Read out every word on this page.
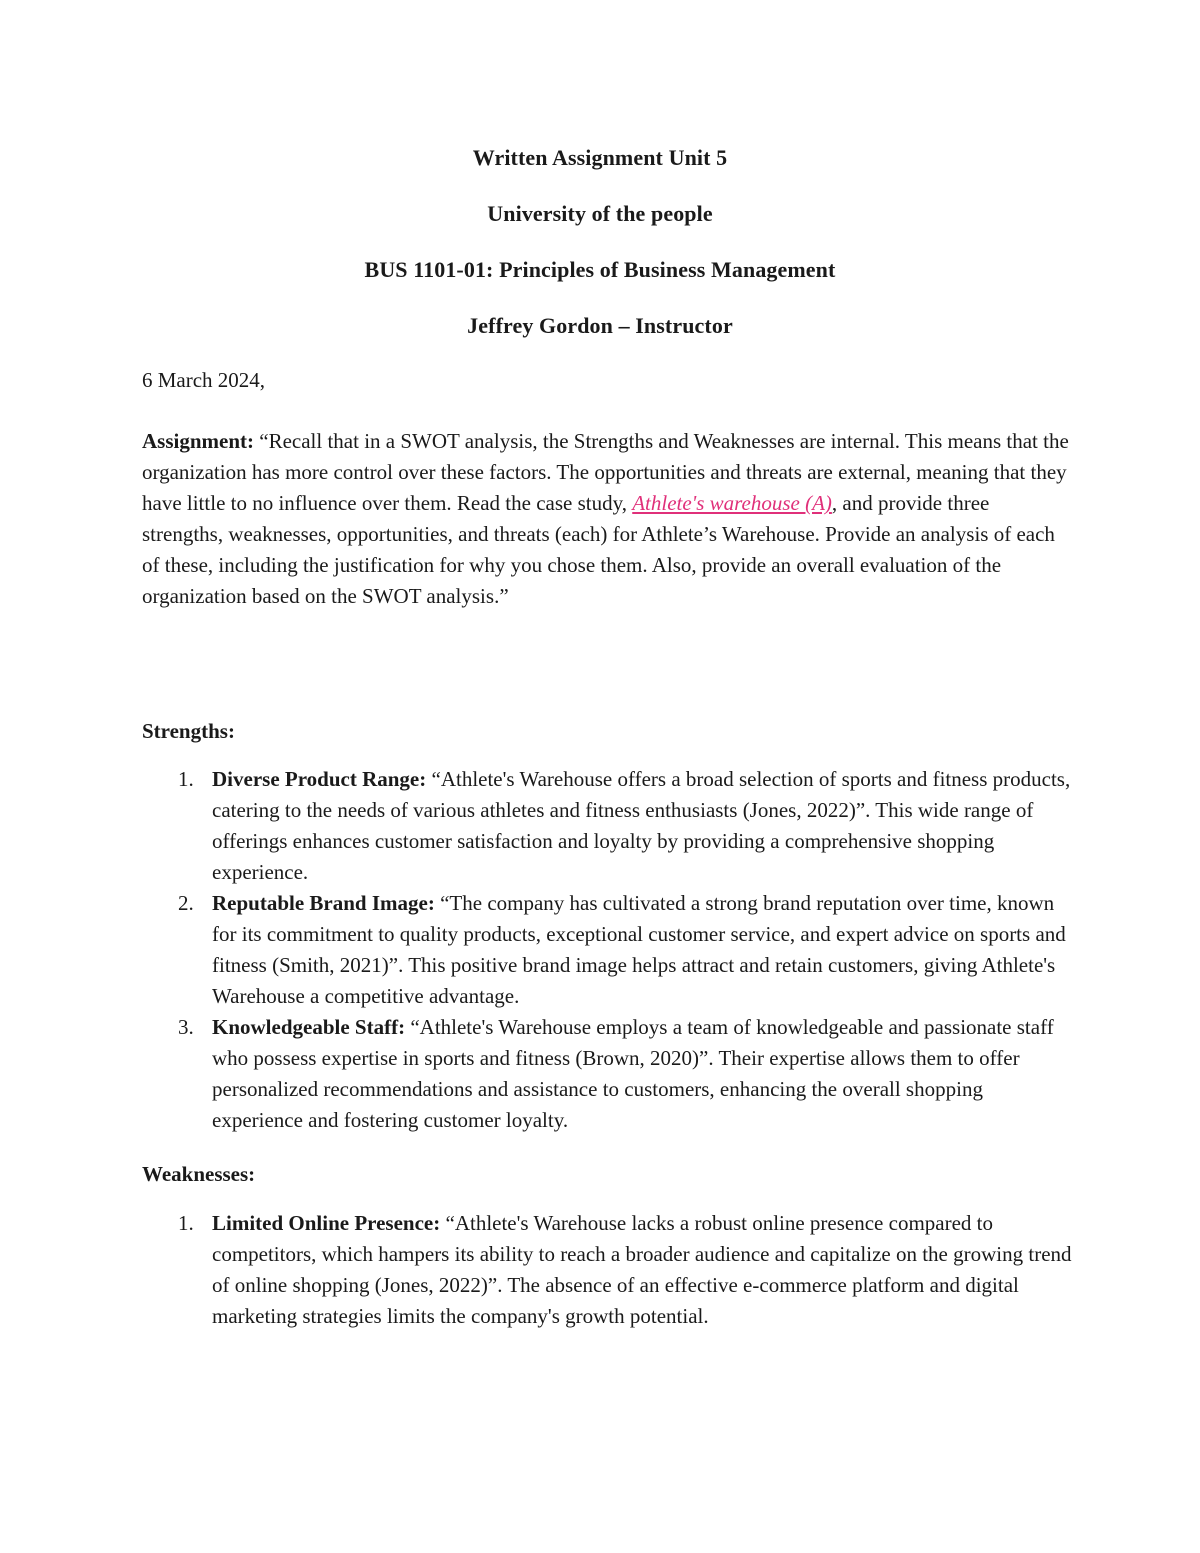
Written Assignment Unit 5
University of the people
BUS 1101-01: Principles of Business Management
Jeffrey Gordon – Instructor
6 March 2024,
Assignment: “Recall that in a SWOT analysis, the Strengths and Weaknesses are internal. This means that the organization has more control over these factors. The opportunities and threats are external, meaning that they have little to no influence over them. Read the case study, Athlete's warehouse (A), and provide three strengths, weaknesses, opportunities, and threats (each) for Athlete’s Warehouse. Provide an analysis of each of these, including the justification for why you chose them. Also, provide an overall evaluation of the organization based on the SWOT analysis.”
Strengths:
1. Diverse Product Range: “Athlete's Warehouse offers a broad selection of sports and fitness products, catering to the needs of various athletes and fitness enthusiasts (Jones, 2022)”. This wide range of offerings enhances customer satisfaction and loyalty by providing a comprehensive shopping experience.
2. Reputable Brand Image: “The company has cultivated a strong brand reputation over time, known for its commitment to quality products, exceptional customer service, and expert advice on sports and fitness (Smith, 2021)”. This positive brand image helps attract and retain customers, giving Athlete's Warehouse a competitive advantage.
3. Knowledgeable Staff: “Athlete's Warehouse employs a team of knowledgeable and passionate staff who possess expertise in sports and fitness (Brown, 2020)”. Their expertise allows them to offer personalized recommendations and assistance to customers, enhancing the overall shopping experience and fostering customer loyalty.
Weaknesses:
1. Limited Online Presence: “Athlete's Warehouse lacks a robust online presence compared to competitors, which hampers its ability to reach a broader audience and capitalize on the growing trend of online shopping (Jones, 2022)”. The absence of an effective e-commerce platform and digital marketing strategies limits the company's growth potential.
